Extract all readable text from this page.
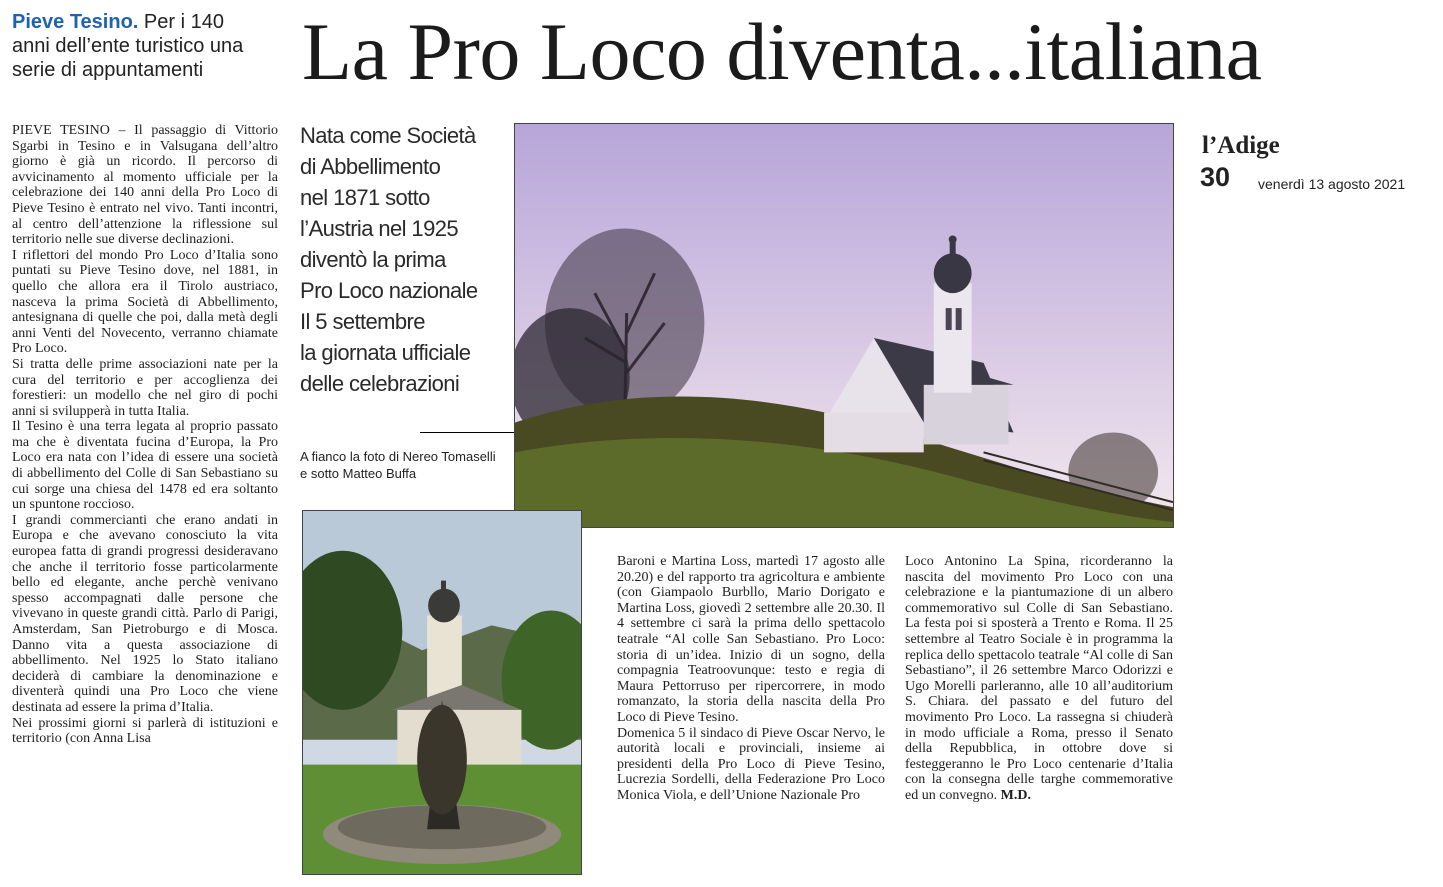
Pieve Tesino. Per i 140 anni dell’ente turistico una serie di appuntamenti	La Pro Loco diventa...italiana
Nata come Società
di Abbellimento
nel 1871 sotto
l’Austria nel 1925
diventò la prima
Pro Loco nazionale
Il 5 settembre
la giornata ufficiale
delle celebrazioni
A fianco la foto di Nereo Tomaselli e sotto Matteo Buffa
l’Adige
30 venerdì 13 agosto 2021

PIEVE TESINO – Il passaggio di Vittorio Sgarbi in Tesino e in Valsugana dell’altro giorno è già un ricordo. Il percorso di avvicinamento al momento ufficiale per la celebrazione dei 140 anni della Pro Loco di Pieve Tesino è entrato nel vivo. Tanti incontri, al centro dell’attenzione la riflessione sul territorio nelle sue diverse declinazioni.

I riflettori del mondo Pro Loco d’Italia sono puntati su Pieve Tesino dove, nel 1881, in quello che allora era il Tirolo austriaco, nasceva la prima Società di Abbellimento, antesignana di quelle che poi, dalla metà degli anni Venti del Novecento, verranno chiamate Pro Loco.

Si tratta delle prime associazioni nate per la cura del territorio e per accoglienza dei forestieri: un modello che nel giro di pochi anni si svilupperà in tutta Italia.

Il Tesino è una terra legata al proprio passato ma che è diventata fucina d’Europa, la Pro Loco era nata con l’idea di essere una società di abbellimento del Colle di San Sebastiano su cui sorge una chiesa del 1478 ed era soltanto un spuntone roccioso.

I grandi commercianti che erano andati in Europa e che avevano conosciuto la vita europea fatta di grandi progressi desideravano che anche il territorio fosse particolarmente bello ed elegante, anche perchè venivano spesso accompagnati dalle persone che vivevano in queste grandi città. Parlo di Parigi, Amsterdam, San Pietroburgo e di Mosca. Danno vita a questa associazione di abbellimento. Nel 1925 lo Stato italiano deciderà di cambiare la denominazione e diventerà quindi una Pro Loco che viene destinata ad essere la prima d’Italia.

Nei prossimi giorni si parlerà di istituzioni e territorio (con Anna Lisa

Baroni e Martina Loss, martedì 17 agosto alle 20.20) e del rapporto tra agricoltura e ambiente (con Giampaolo Burbllo, Mario Dorigato e Martina Loss, giovedì 2 settembre alle 20.30. Il 4 settembre ci sarà la prima dello spettacolo teatrale “Al colle San Sebastiano. Pro Loco: storia di un’idea. Inizio di un sogno, della compagnia Teatroovunque: testo e regia di Maura Pettorruso per ripercorrere, in modo romanzato, la storia della nascita della Pro Loco di Pieve Tesino.

Domenica 5 il sindaco di Pieve Oscar Nervo, le autorità locali e provinciali, insieme ai presidenti della Pro Loco di Pieve Tesino, Lucrezia Sordelli, della Federazione Pro Loco Monica Viola, e dell’Unione Nazionale Pro

Loco Antonino La Spina, ricorderanno la nascita del movimento Pro Loco con una celebrazione e la piantumazione di un albero commemorativo sul Colle di San Sebastiano. La festa poi si sposterà a Trento e Roma. Il 25 settembre al Teatro Sociale è in programma la replica dello spettacolo teatrale “Al colle di San Sebastiano”, il 26 settembre Marco Odorizzi e Ugo Morelli parleranno, alle 10 all’auditorium S. Chiara. del passato e del futuro del movimento Pro Loco. La rassegna si chiuderà in modo ufficiale a Roma, presso il Senato della Repubblica, in ottobre dove si festeggeranno le Pro Loco centenarie d’Italia con la consegna delle targhe commemorative ed un convegno. M.D.
